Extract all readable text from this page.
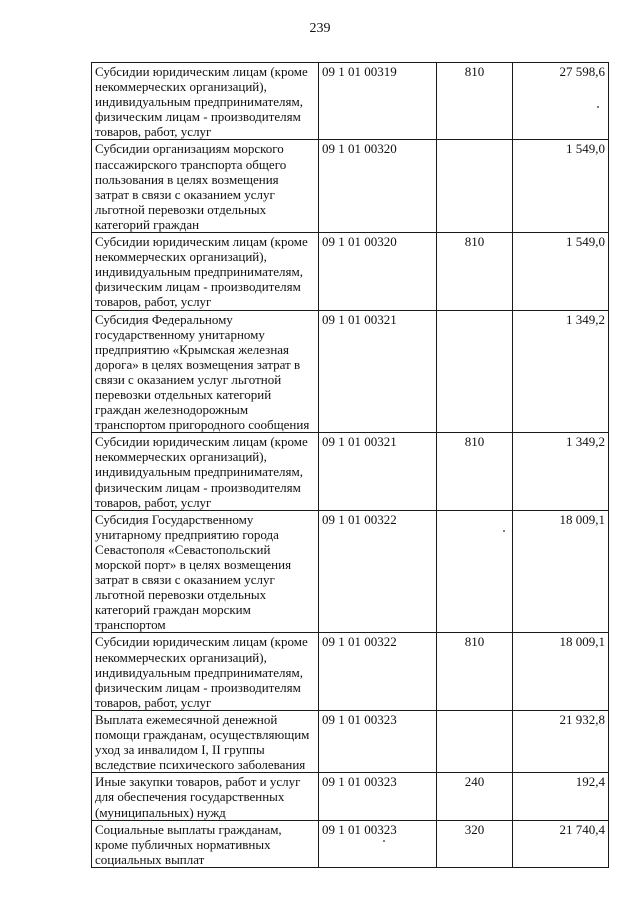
239
Субсидии юридическим лицам (кроме некоммерческих организаций), индивидуальным предпринимателям, физическим лицам - производителям товаров, работ, услуг	09 1 01 00319	810	27 598,6
Субсидии организациям морского пассажирского транспорта общего пользования в целях возмещения затрат в связи с оказанием услуг льготной перевозки отдельных категорий граждан	09 1 01 00320		1 549,0
Субсидии юридическим лицам (кроме некоммерческих организаций), индивидуальным предпринимателям, физическим лицам - производителям товаров, работ, услуг	09 1 01 00320	810	1 549,0
Субсидия Федеральному государственному унитарному предприятию «Крымская железная дорога» в целях возмещения затрат в связи с оказанием услуг льготной перевозки отдельных категорий граждан железнодорожным транспортом пригородного сообщения	09 1 01 00321		1 349,2
Субсидии юридическим лицам (кроме некоммерческих организаций), индивидуальным предпринимателям, физическим лицам - производителям товаров, работ, услуг	09 1 01 00321	810	1 349,2
Субсидия Государственному унитарному предприятию города Севастополя «Севастопольский морской порт» в целях возмещения затрат в связи с оказанием услуг льготной перевозки отдельных категорий граждан морским транспортом	09 1 01 00322		18 009,1
Субсидии юридическим лицам (кроме некоммерческих организаций), индивидуальным предпринимателям, физическим лицам - производителям товаров, работ, услуг	09 1 01 00322	810	18 009,1
Выплата ежемесячной денежной помощи гражданам, осуществляющим уход за инвалидом I, II группы вследствие психического заболевания	09 1 01 00323		21 932,8
Иные закупки товаров, работ и услуг для обеспечения государственных (муниципальных) нужд	09 1 01 00323	240	192,4
Социальные выплаты гражданам, кроме публичных нормативных социальных выплат	09 1 01 00323	320	21 740,4
